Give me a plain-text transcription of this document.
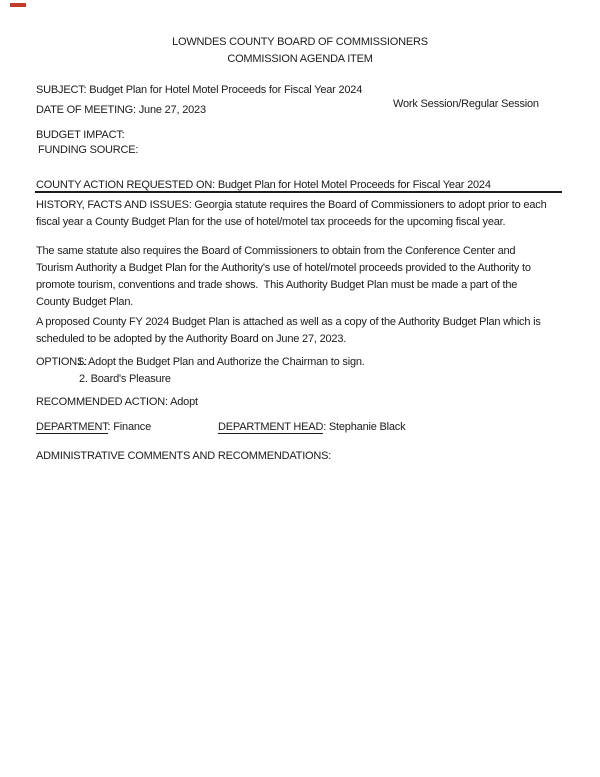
LOWNDES COUNTY BOARD OF COMMISSIONERS
COMMISSION AGENDA ITEM
SUBJECT: Budget Plan for Hotel Motel Proceeds for Fiscal Year 2024
Work Session/Regular Session
DATE OF MEETING: June 27, 2023
BUDGET IMPACT:
FUNDING SOURCE:
COUNTY ACTION REQUESTED ON: Budget Plan for Hotel Motel Proceeds for Fiscal Year 2024
HISTORY, FACTS AND ISSUES: Georgia statute requires the Board of Commissioners to adopt prior to each
fiscal year a County Budget Plan for the use of hotel/motel tax proceeds for the upcoming fiscal year.
The same statute also requires the Board of Commissioners to obtain from the Conference Center and
Tourism Authority a Budget Plan for the Authority's use of hotel/motel proceeds provided to the Authority to
promote tourism, conventions and trade shows.  This Authority Budget Plan must be made a part of the
County Budget Plan.
A proposed County FY 2024 Budget Plan is attached as well as a copy of the Authority Budget Plan which is
scheduled to be adopted by the Authority Board on June 27, 2023.
OPTIONS:
1. Adopt the Budget Plan and Authorize the Chairman to sign.
2. Board's Pleasure
RECOMMENDED ACTION: Adopt
DEPARTMENT: Finance	DEPARTMENT HEAD: Stephanie Black
ADMINISTRATIVE COMMENTS AND RECOMMENDATIONS:
